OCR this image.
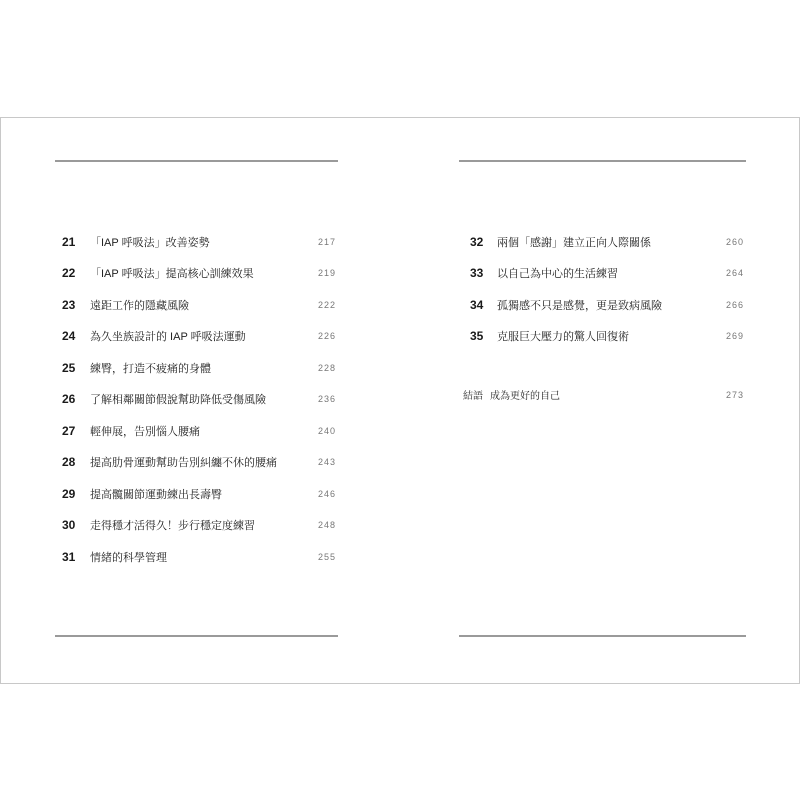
21	「IAP 呼吸法」改善姿勢	217
22	「IAP 呼吸法」提高核心訓練效果	219
23	遠距工作的隱藏風險	222
24	為久坐族設計的 IAP 呼吸法運動	226
25	練臀，打造不疲痛的身體	228
26	了解相鄰關節假說幫助降低受傷風險	236
27	輕伸展，告別惱人腰痛	240
28	提高肋骨運動幫助告別糾纏不休的腰痛	243
29	提高髖關節運動練出長壽臀	246
30	走得穩才活得久！步行穩定度練習	248
31	情緒的科學管理	255
32	兩個「感謝」建立正向人際關係	260
33	以自己為中心的生活練習	264
34	孤獨感不只是感覺，更是致病風險	266
35	克服巨大壓力的驚人回復術	269
結語 成為更好的自己	273
